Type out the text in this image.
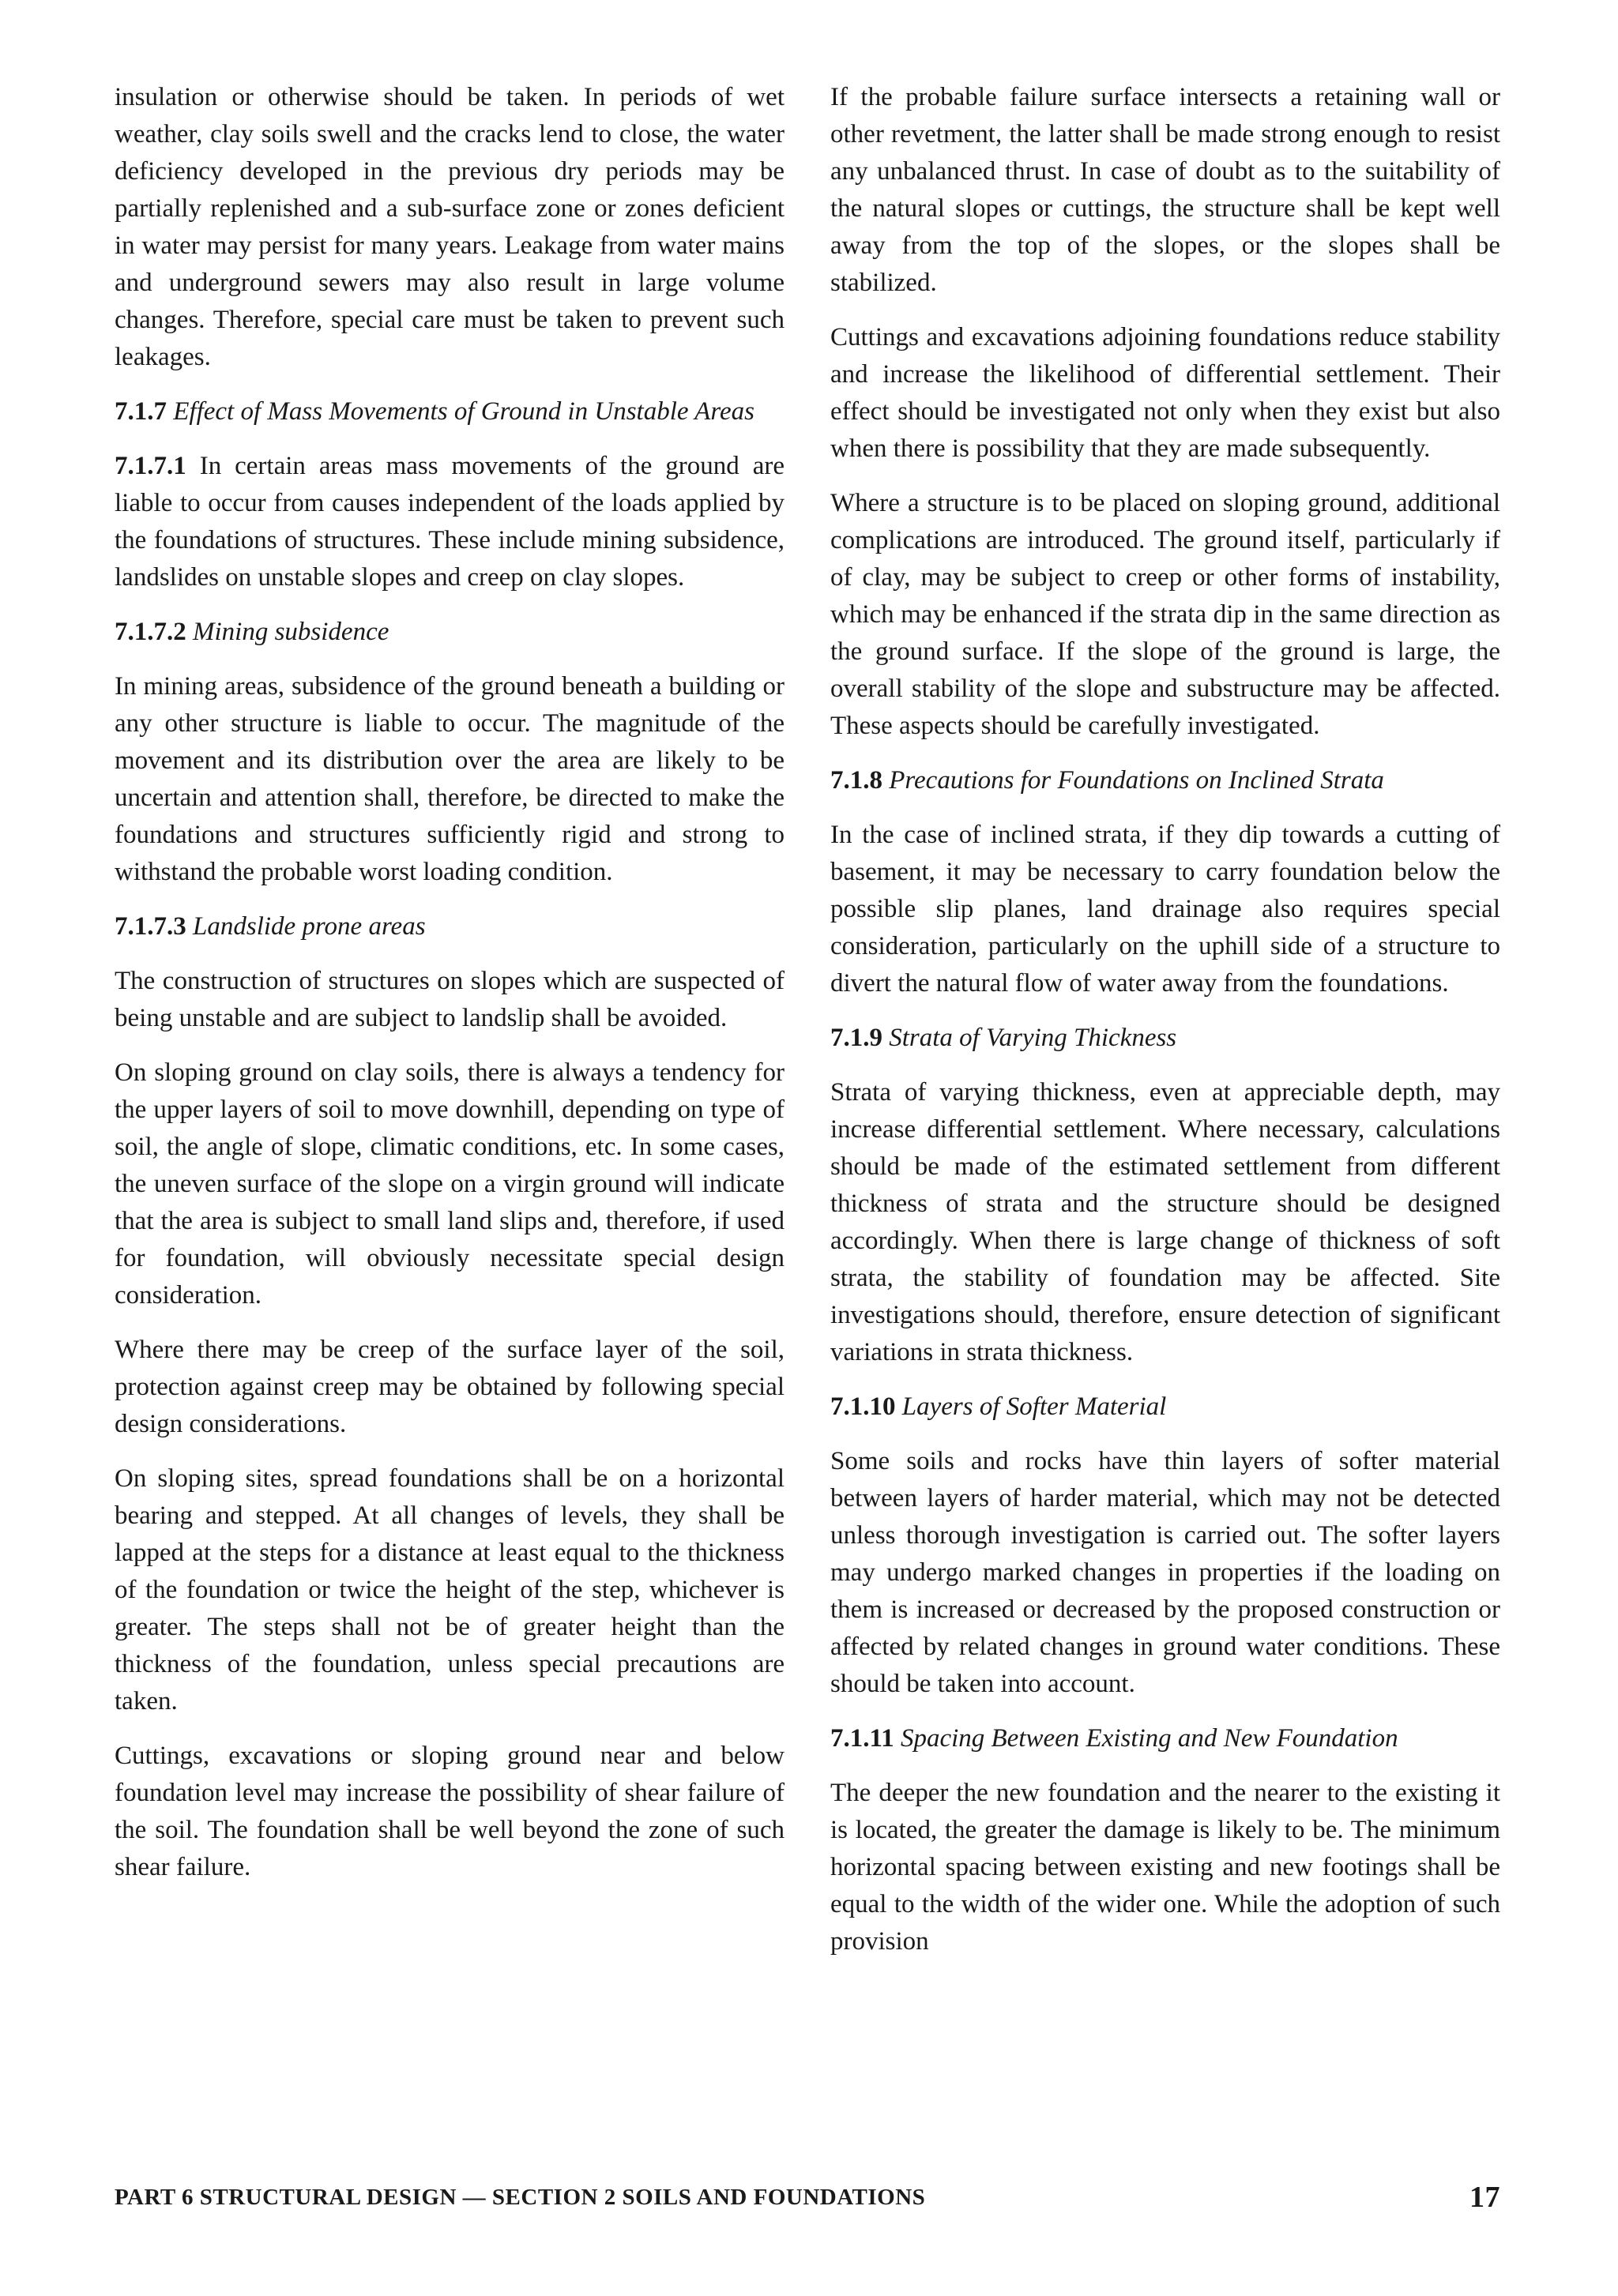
insulation or otherwise should be taken. In periods of wet weather, clay soils swell and the cracks lend to close, the water deficiency developed in the previous dry periods may be partially replenished and a sub-surface zone or zones deficient in water may persist for many years. Leakage from water mains and underground sewers may also result in large volume changes. Therefore, special care must be taken to prevent such leakages.

7.1.7 Effect of Mass Movements of Ground in Unstable Areas

7.1.7.1 In certain areas mass movements of the ground are liable to occur from causes independent of the loads applied by the foundations of structures. These include mining subsidence, landslides on unstable slopes and creep on clay slopes.

7.1.7.2 Mining subsidence

In mining areas, subsidence of the ground beneath a building or any other structure is liable to occur. The magnitude of the movement and its distribution over the area are likely to be uncertain and attention shall, therefore, be directed to make the foundations and structures sufficiently rigid and strong to withstand the probable worst loading condition.

7.1.7.3 Landslide prone areas

The construction of structures on slopes which are suspected of being unstable and are subject to landslip shall be avoided.

On sloping ground on clay soils, there is always a tendency for the upper layers of soil to move downhill, depending on type of soil, the angle of slope, climatic conditions, etc. In some cases, the uneven surface of the slope on a virgin ground will indicate that the area is subject to small land slips and, therefore, if used for foundation, will obviously necessitate special design consideration.

Where there may be creep of the surface layer of the soil, protection against creep may be obtained by following special design considerations.

On sloping sites, spread foundations shall be on a horizontal bearing and stepped. At all changes of levels, they shall be lapped at the steps for a distance at least equal to the thickness of the foundation or twice the height of the step, whichever is greater. The steps shall not be of greater height than the thickness of the foundation, unless special precautions are taken.

Cuttings, excavations or sloping ground near and below foundation level may increase the possibility of shear failure of the soil. The foundation shall be well beyond the zone of such shear failure.

If the probable failure surface intersects a retaining wall or other revetment, the latter shall be made strong enough to resist any unbalanced thrust. In case of doubt as to the suitability of the natural slopes or cuttings, the structure shall be kept well away from the top of the slopes, or the slopes shall be stabilized.

Cuttings and excavations adjoining foundations reduce stability and increase the likelihood of differential settlement. Their effect should be investigated not only when they exist but also when there is possibility that they are made subsequently.

Where a structure is to be placed on sloping ground, additional complications are introduced. The ground itself, particularly if of clay, may be subject to creep or other forms of instability, which may be enhanced if the strata dip in the same direction as the ground surface. If the slope of the ground is large, the overall stability of the slope and substructure may be affected. These aspects should be carefully investigated.

7.1.8 Precautions for Foundations on Inclined Strata

In the case of inclined strata, if they dip towards a cutting of basement, it may be necessary to carry foundation below the possible slip planes, land drainage also requires special consideration, particularly on the uphill side of a structure to divert the natural flow of water away from the foundations.

7.1.9 Strata of Varying Thickness

Strata of varying thickness, even at appreciable depth, may increase differential settlement. Where necessary, calculations should be made of the estimated settlement from different thickness of strata and the structure should be designed accordingly. When there is large change of thickness of soft strata, the stability of foundation may be affected. Site investigations should, therefore, ensure detection of significant variations in strata thickness.

7.1.10 Layers of Softer Material

Some soils and rocks have thin layers of softer material between layers of harder material, which may not be detected unless thorough investigation is carried out. The softer layers may undergo marked changes in properties if the loading on them is increased or decreased by the proposed construction or affected by related changes in ground water conditions. These should be taken into account.

7.1.11 Spacing Between Existing and New Foundation

The deeper the new foundation and the nearer to the existing it is located, the greater the damage is likely to be. The minimum horizontal spacing between existing and new footings shall be equal to the width of the wider one. While the adoption of such provision

PART 6 STRUCTURAL DESIGN — SECTION 2 SOILS AND FOUNDATIONS	17
